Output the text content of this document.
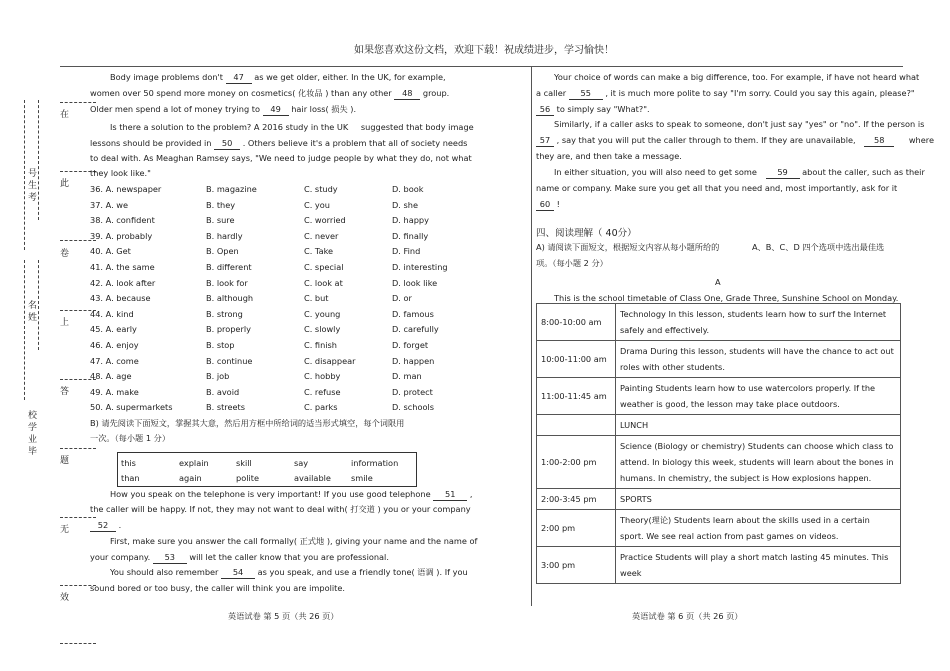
如果您喜欢这份文档，欢迎下载！祝成绩进步，学习愉快！
号生考
名姓
校学业毕
在
此
卷
上
答
题
无
效
Body image problems don't 47 as we get older, either. In the UK, for example,
women over 50 spend more money on cosmetics( 化妆品 ) than any other 48 group.
Older men spend a lot of money trying to 49 hair loss( 损失 ).
Is there a solution to the problem? A 2016 study in the UK suggested that body image
lessons should be provided in 50 . Others believe it's a problem that all of society needs
to deal with. As Meaghan Ramsey says, "We need to judge people by what they do, not what
they look like."
36. A. newspaper	B. magazine	C. study	D. book
37. A. we	B. they	C. you	D. she
38. A. confident	B. sure	C. worried	D. happy
39. A. probably	B. hardly	C. never	D. finally
40. A. Get	B. Open	C. Take	D. Find
41. A. the same	B. different	C. special	D. interesting
42. A. look after	B. look for	C. look at	D. look like
43. A. because	B. although	C. but	D. or
44. A. kind	B. strong	C. young	D. famous
45. A. early	B. properly	C. slowly	D. carefully
46. A. enjoy	B. stop	C. finish	D. forget
47. A. come	B. continue	C. disappear	D. happen
48. A. age	B. job	C. hobby	D. man
49. A. make	B. avoid	C. refuse	D. protect
50. A. supermarkets	B. streets	C. parks	D. schools
B) 请先阅读下面短文，掌握其大意，然后用方框中所给词的适当形式填空，每个词限用
一次。（每小题 1 分）
this	explain	skill	say	information
than	again	polite	available smile
How you speak on the telephone is very important! If you use good telephone 51 ,
the caller will be happy. If not, they may not want to deal with( 打交道 ) you or your company
52 .
First, make sure you answer the call formally( 正式地 ), giving your name and the name of
your company. 53 will let the caller know that you are professional.
You should also remember 54 as you speak, and use a friendly tone( 语调 ). If you
sound bored or too busy, the caller will think you are impolite.
英语试卷 第 5 页（共 26 页）
Your choice of words can make a big difference, too. For example, if have not heard what
a caller 55 , it is much more polite to say "I'm sorry. Could you say this again, please?"
56 to simply say "What?".
Similarly, if a caller asks to speak to someone, don't just say "yes" or "no". If the person is
57 , say that you will put the caller through to them. If they are unavailable, 58	where
they are, and then take a message.
In either situation, you will also need to get some 59 about the caller, such as their
name or company. Make sure you get all that you need and, most importantly, ask for it
60 !
四、阅读理解（ 40分）
A) 请阅读下面短文，根据短文内容从每小题所给的	A、B、C、D 四个选项中选出最佳选
项。（每小题 2 分）
A
This is the school timetable of Class One, Grade Three, Sunshine School on Monday.
8:00-10:00 am	Technology In this lesson, students learn how to surf the Internet safely and effectively.
10:00-11:00 am	Drama During this lesson, students will have the chance to act out roles with other students.
11:00-11:45 am	Painting Students learn how to use watercolors properly. If the weather is good, the lesson may take place outdoors.
	LUNCH
1:00-2:00 pm	Science (Biology or chemistry) Students can choose which class to attend. In biology this week, students will learn about the bones in humans. In chemistry, the subject is How explosions happen.
2:00-3:45 pm	SPORTS
2:00 pm	Theory(理论) Students learn about the skills used in a certain sport. We see real action from past games on videos.
3:00 pm	Practice Students will play a short match lasting 45 minutes. This week
英语试卷 第 6 页（共 26 页）
